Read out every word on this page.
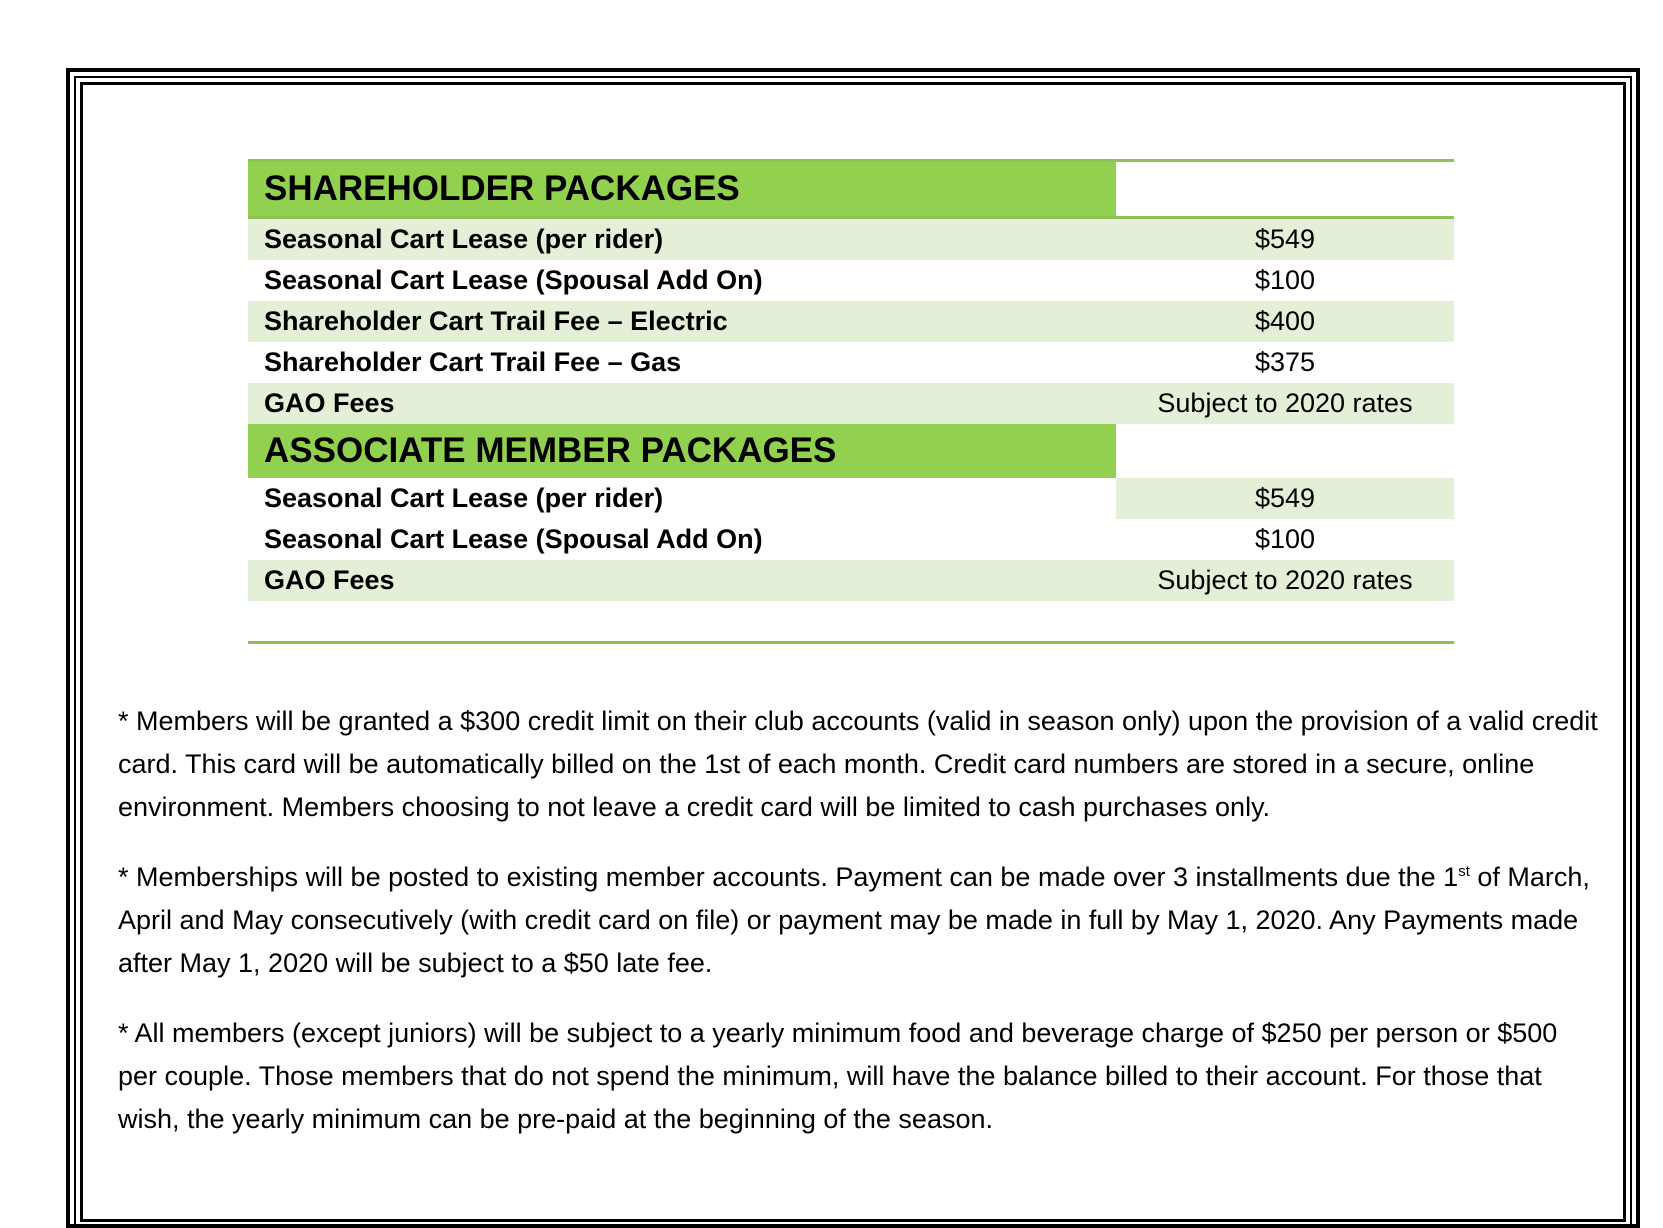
SHAREHOLDER PACKAGES
Seasonal Cart Lease (per rider)	$549
Seasonal Cart Lease (Spousal Add On)	$100
Shareholder Cart Trail Fee – Electric	$400
Shareholder Cart Trail Fee – Gas	$375
GAO Fees	Subject to 2020 rates
ASSOCIATE MEMBER PACKAGES
Seasonal Cart Lease (per rider)	$549
Seasonal Cart Lease (Spousal Add On)	$100
GAO Fees	Subject to 2020 rates

* Members will be granted a $300 credit limit on their club accounts (valid in season only) upon the provision of a valid credit card. This card will be automatically billed on the 1st of each month. Credit card numbers are stored in a secure, online environment. Members choosing to not leave a credit card will be limited to cash purchases only.

* Memberships will be posted to existing member accounts. Payment can be made over 3 installments due the 1st of March, April and May consecutively (with credit card on file) or payment may be made in full by May 1, 2020. Any Payments made after May 1, 2020 will be subject to a $50 late fee.

* All members (except juniors) will be subject to a yearly minimum food and beverage charge of $250 per person or $500 per couple. Those members that do not spend the minimum, will have the balance billed to their account. For those that wish, the yearly minimum can be pre-paid at the beginning of the season.
